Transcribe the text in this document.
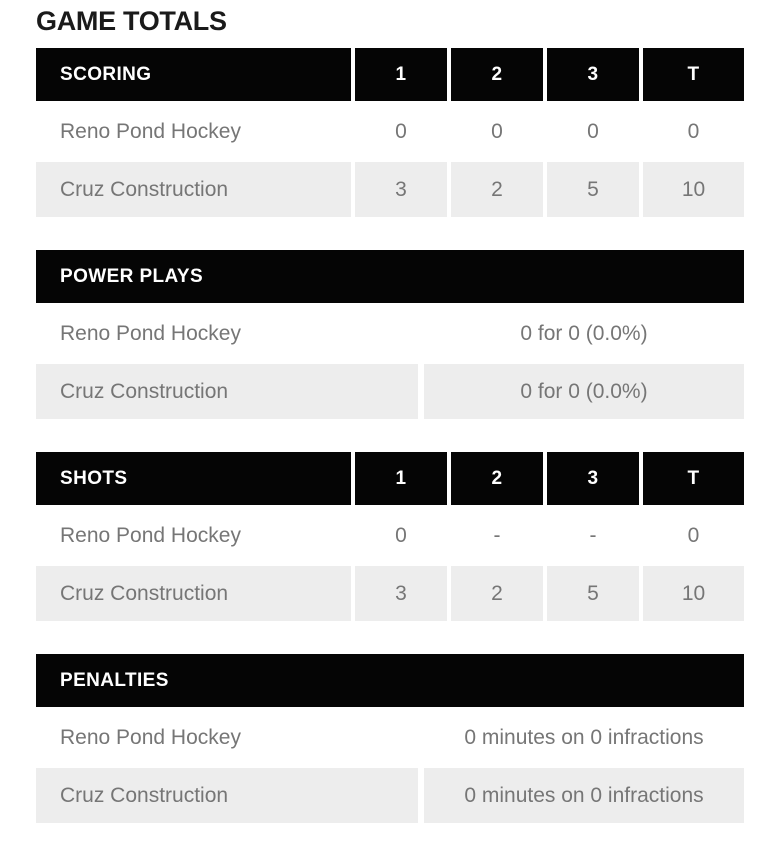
GAME TOTALS
SCORING	1	2	3	T
Reno Pond Hockey	0	0	0	0
Cruz Construction	3	2	5	10
POWER PLAYS
Reno Pond Hockey	0 for 0 (0.0%)
Cruz Construction	0 for 0 (0.0%)
SHOTS	1	2	3	T
Reno Pond Hockey	0	-	-	0
Cruz Construction	3	2	5	10
PENALTIES
Reno Pond Hockey	0 minutes on 0 infractions
Cruz Construction	0 minutes on 0 infractions
